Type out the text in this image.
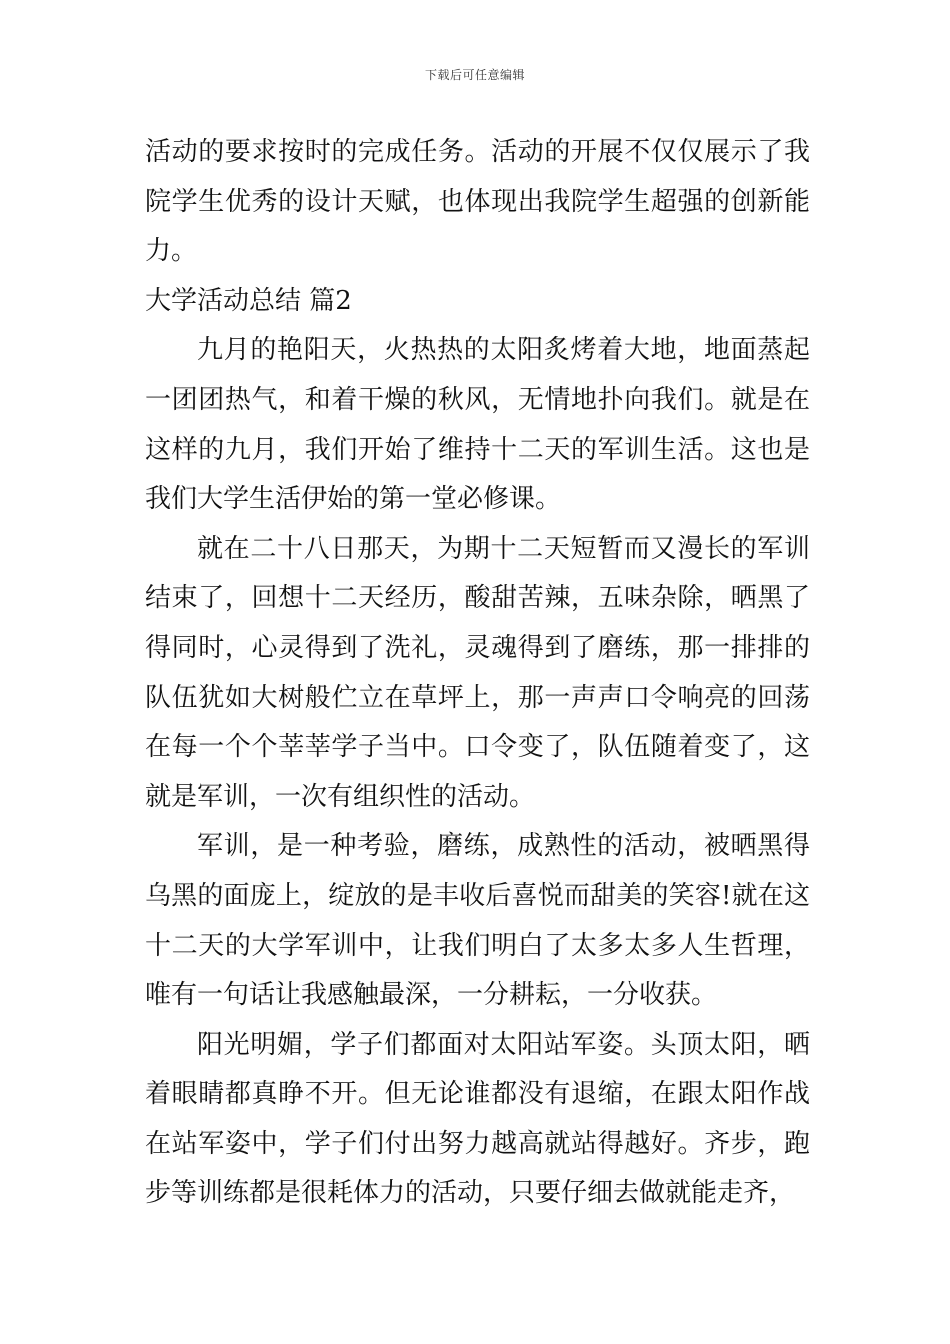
下载后可任意编辑

活动的要求按时的完成任务。活动的开展不仅仅展示了我院学生优秀的设计天赋，也体现出我院学生超强的创新能力。

大学活动总结 篇2

九月的艳阳天，火热热的太阳炙烤着大地，地面蒸起一团团热气，和着干燥的秋风，无情地扑向我们。就是在这样的九月，我们开始了维持十二天的军训生活。这也是我们大学生活伊始的第一堂必修课。

就在二十八日那天，为期十二天短暂而又漫长的军训结束了，回想十二天经历，酸甜苦辣，五味杂除，晒黑了得同时，心灵得到了洗礼，灵魂得到了磨练，那一排排的队伍犹如大树般伫立在草坪上，那一声声口令响亮的回荡在每一个个莘莘学子当中。口令变了，队伍随着变了，这就是军训，一次有组织性的活动。

军训，是一种考验，磨练，成熟性的活动，被晒黑得乌黑的面庞上，绽放的是丰收后喜悦而甜美的笑容!就在这十二天的大学军训中，让我们明白了太多太多人生哲理，唯有一句话让我感触最深，一分耕耘，一分收获。

阳光明媚，学子们都面对太阳站军姿。头顶太阳，晒着眼睛都真睁不开。但无论谁都没有退缩，在跟太阳作战在站军姿中，学子们付出努力越高就站得越好。齐步，跑步等训练都是很耗体力的活动，只要仔细去做就能走齐，
